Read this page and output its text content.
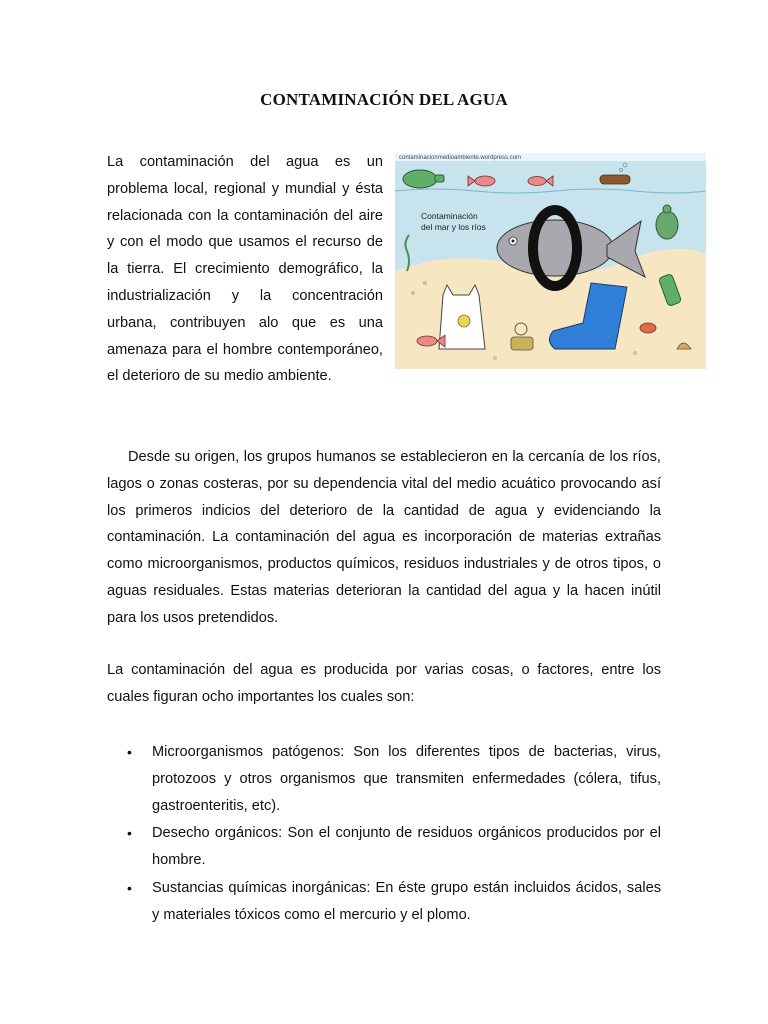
CONTAMINACIÓN DEL AGUA

La contaminación del agua es un problema local, regional y mundial y ésta relacionada con la contaminación del aire y con el modo que usamos el recurso de la tierra. El crecimiento demográfico, la industrialización y la concentración urbana, contribuyen alo que es una amenaza para el hombre contemporáneo, el deterioro de su medio ambiente.

contaminacionmedioambiente.wordpress.com
Contaminación
del mar y los ríos

Desde su origen, los grupos humanos se establecieron en la cercanía de los ríos, lagos o zonas costeras, por su dependencia vital del medio acuático provocando así los primeros indicios del deterioro de la cantidad de agua y evidenciando la contaminación. La contaminación del agua es incorporación de materias extrañas como microorganismos, productos químicos, residuos industriales y de otros tipos, o aguas residuales. Estas materias deterioran la cantidad del agua y la hacen inútil para los usos pretendidos.

La contaminación del agua es producida por varias cosas, o factores, entre los cuales figuran ocho importantes los cuales son:

• Microorganismos patógenos: Son los diferentes tipos de bacterias, virus, protozoos y otros organismos que transmiten enfermedades (cólera, tifus, gastroenteritis, etc).
• Desecho orgánicos: Son el conjunto de residuos orgánicos producidos por el hombre.
• Sustancias químicas inorgánicas: En éste grupo están incluidos ácidos, sales y materiales tóxicos como el mercurio y el plomo.
